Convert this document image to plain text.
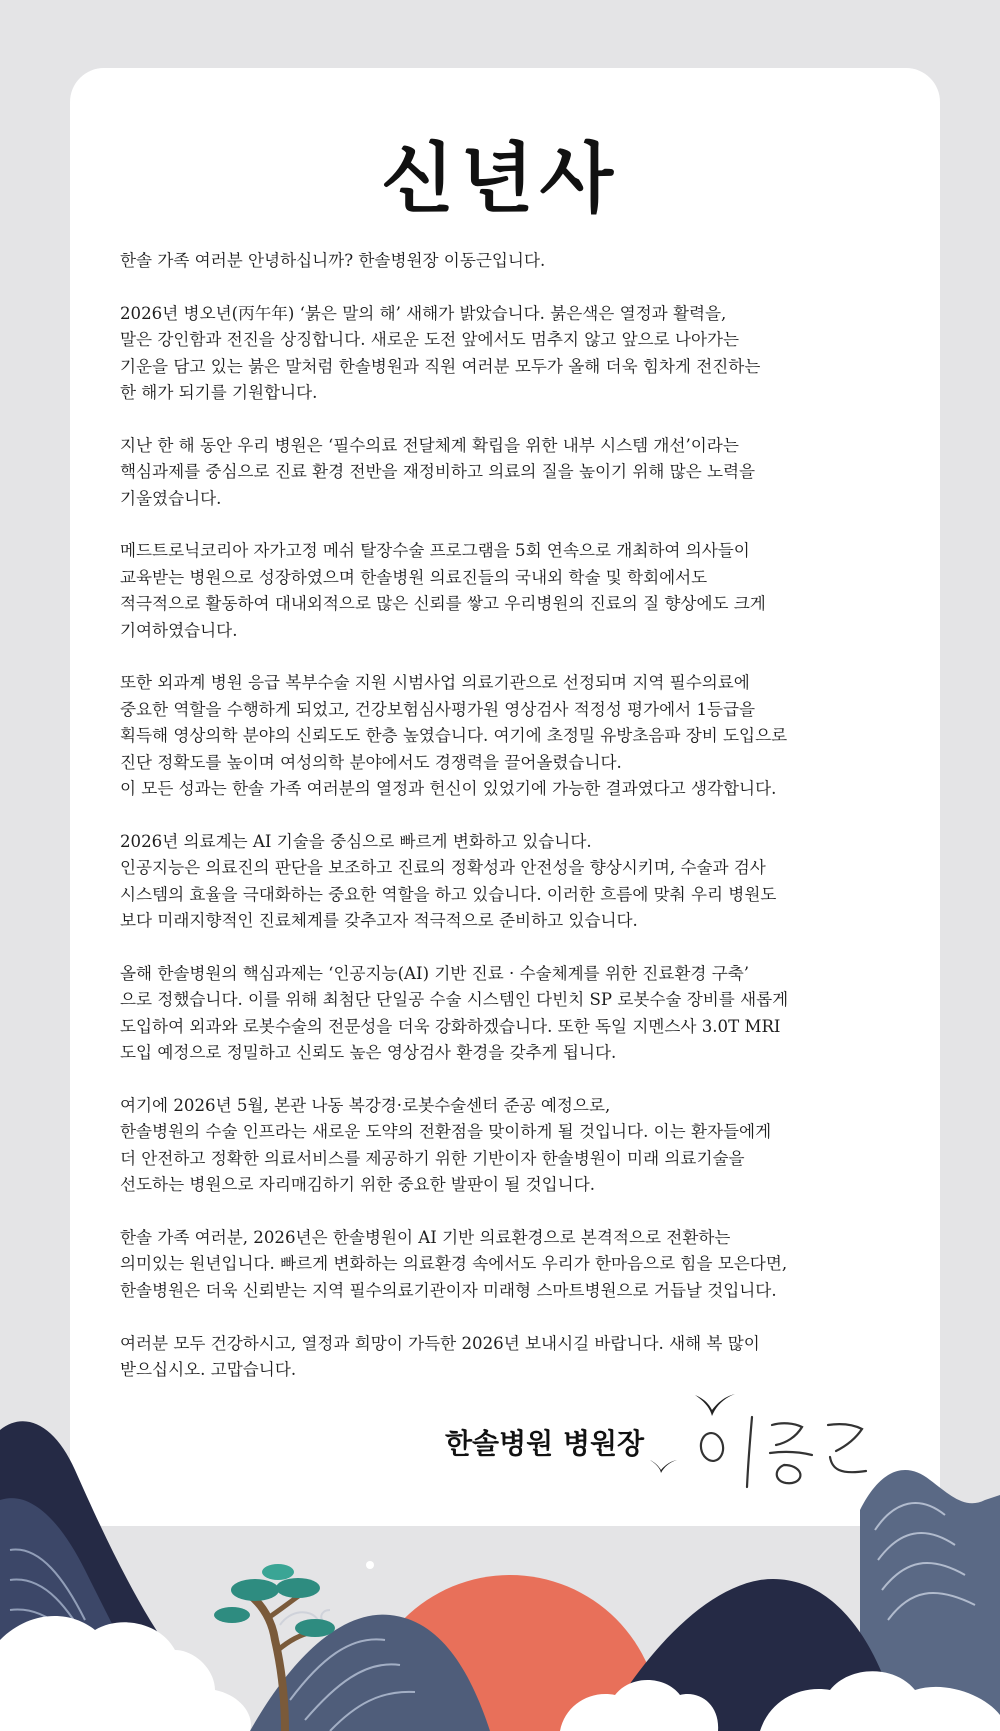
신년사

한솔 가족 여러분 안녕하십니까? 한솔병원장 이동근입니다.

2026년 병오년(丙午年) ‘붉은 말의 해’ 새해가 밝았습니다. 붉은색은 열정과 활력을,
말은 강인함과 전진을 상징합니다. 새로운 도전 앞에서도 멈추지 않고 앞으로 나아가는
기운을 담고 있는 붉은 말처럼 한솔병원과 직원 여러분 모두가 올해 더욱 힘차게 전진하는
한 해가 되기를 기원합니다.

지난 한 해 동안 우리 병원은 ‘필수의료 전달체계 확립을 위한 내부 시스템 개선’이라는
핵심과제를 중심으로 진료 환경 전반을 재정비하고 의료의 질을 높이기 위해 많은 노력을
기울였습니다.

메드트로닉코리아 자가고정 메쉬 탈장수술 프로그램을 5회 연속으로 개최하여 의사들이
교육받는 병원으로 성장하였으며 한솔병원 의료진들의 국내외 학술 및 학회에서도
적극적으로 활동하여 대내외적으로 많은 신뢰를 쌓고 우리병원의 진료의 질 향상에도 크게
기여하였습니다.

또한 외과계 병원 응급 복부수술 지원 시범사업 의료기관으로 선정되며 지역 필수의료에
중요한 역할을 수행하게 되었고, 건강보험심사평가원 영상검사 적정성 평가에서 1등급을
획득해 영상의학 분야의 신뢰도도 한층 높였습니다. 여기에 초정밀 유방초음파 장비 도입으로
진단 정확도를 높이며 여성의학 분야에서도 경쟁력을 끌어올렸습니다.
이 모든 성과는 한솔 가족 여러분의 열정과 헌신이 있었기에 가능한 결과였다고 생각합니다.

2026년 의료계는 AI 기술을 중심으로 빠르게 변화하고 있습니다.
인공지능은 의료진의 판단을 보조하고 진료의 정확성과 안전성을 향상시키며, 수술과 검사
시스템의 효율을 극대화하는 중요한 역할을 하고 있습니다. 이러한 흐름에 맞춰 우리 병원도
보다 미래지향적인 진료체계를 갖추고자 적극적으로 준비하고 있습니다.

올해 한솔병원의 핵심과제는 ‘인공지능(AI) 기반 진료 · 수술체계를 위한 진료환경 구축’
으로 정했습니다. 이를 위해 최첨단 단일공 수술 시스템인 다빈치 SP 로봇수술 장비를 새롭게
도입하여 외과와 로봇수술의 전문성을 더욱 강화하겠습니다. 또한 독일 지멘스사 3.0T MRI
도입 예정으로 정밀하고 신뢰도 높은 영상검사 환경을 갖추게 됩니다.

여기에 2026년 5월, 본관 나동 복강경·로봇수술센터 준공 예정으로,
한솔병원의 수술 인프라는 새로운 도약의 전환점을 맞이하게 될 것입니다. 이는 환자들에게
더 안전하고 정확한 의료서비스를 제공하기 위한 기반이자 한솔병원이 미래 의료기술을
선도하는 병원으로 자리매김하기 위한 중요한 발판이 될 것입니다.

한솔 가족 여러분, 2026년은 한솔병원이 AI 기반 의료환경으로 본격적으로 전환하는
의미있는 원년입니다. 빠르게 변화하는 의료환경 속에서도 우리가 한마음으로 힘을 모은다면,
한솔병원은 더욱 신뢰받는 지역 필수의료기관이자 미래형 스마트병원으로 거듭날 것입니다.

여러분 모두 건강하시고, 열정과 희망이 가득한 2026년 보내시길 바랍니다. 새해 복 많이
받으십시오. 고맙습니다.

한솔병원 병원장
